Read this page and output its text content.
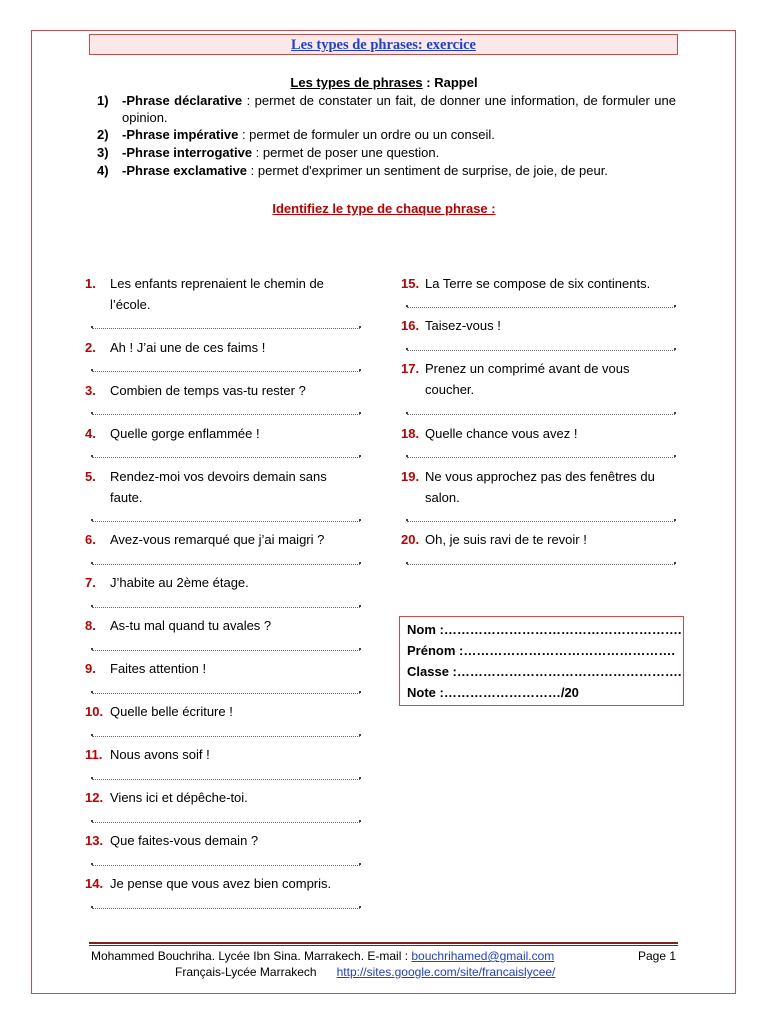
Les types de phrases: exercice
Les types de phrases : Rappel
1) -Phrase déclarative : permet de constater un fait, de donner une information, de formuler une opinion.
2) -Phrase impérative : permet de formuler un ordre ou un conseil.
3) -Phrase interrogative : permet de poser une question.
4) -Phrase exclamative : permet d'exprimer un sentiment de surprise, de joie, de peur.
Identifiez le type de chaque phrase :
1. Les enfants reprenaient le chemin de l’école.
2. Ah ! J’ai une de ces faims !
3. Combien de temps vas-tu rester ?
4. Quelle gorge enflammée !
5. Rendez-moi vos devoirs demain sans faute.
6. Avez-vous remarqué que j’ai maigri ?
7. J’habite au 2ème étage.
8. As-tu mal quand tu avales ?
9. Faites attention !
10. Quelle belle écriture !
11. Nous avons soif !
12. Viens ici et dépêche-toi.
13. Que faites-vous demain ?
14. Je pense que vous avez bien compris.
15. La Terre se compose de six continents.
16. Taisez-vous !
17. Prenez un comprimé avant de vous coucher.
18. Quelle chance vous avez !
19. Ne vous approchez pas des fenêtres du salon.
20. Oh, je suis ravi de te revoir !
Nom :……………………………………………….
Prénom :………………………………………….
Classe :…………………………………………….
Note :………………………/20
Mohammed Bouchriha. Lycée Ibn Sina. Marrakech. E-mail : bouchrihamed@gmail.com	Page 1
Français-Lycée Marrakech http://sites.google.com/site/francaislycee/
